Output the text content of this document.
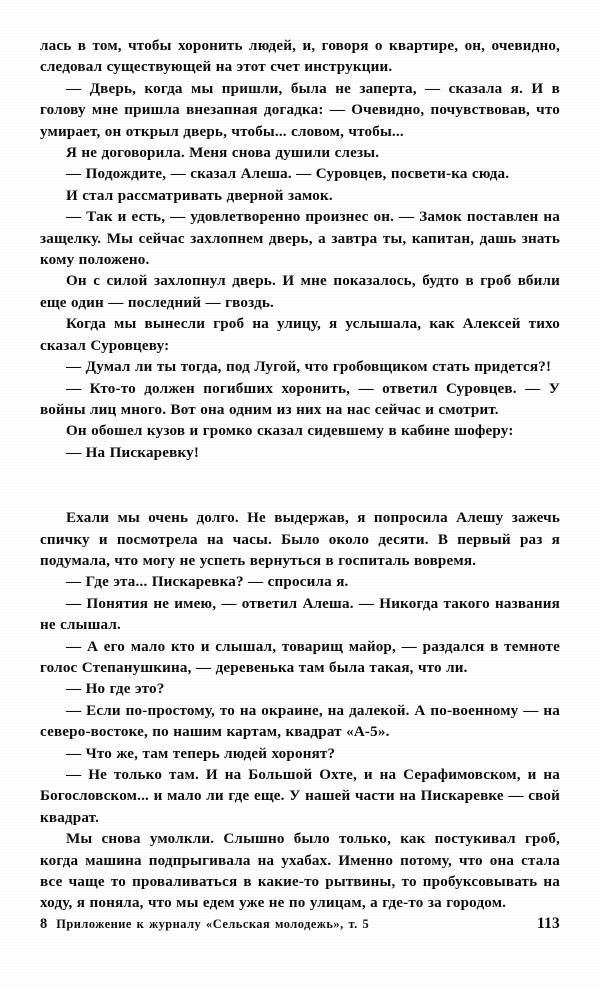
лась в том, чтобы хоронить людей, и, говоря о квартире, он, очевидно, следовал существующей на этот счет инструкции.

— Дверь, когда мы пришли, была не заперта, — сказала я. И в голову мне пришла внезапная догадка: — Очевидно, почувствовав, что умирает, он открыл дверь, чтобы... словом, чтобы...

Я не договорила. Меня снова душили слезы.

— Подождите, — сказал Алеша. — Суровцев, посвети-ка сюда.

И стал рассматривать дверной замок.

— Так и есть, — удовлетворенно произнес он. — Замок поставлен на защелку. Мы сейчас захлопнем дверь, а завтра ты, капитан, дашь знать кому положено.

Он с силой захлопнул дверь. И мне показалось, будто в гроб вбили еще один — последний — гвоздь.

Когда мы вынесли гроб на улицу, я услышала, как Алексей тихо сказал Суровцеву:

— Думал ли ты тогда, под Лугой, что гробовщиком стать придется?!

— Кто-то должен погибших хоронить, — ответил Суровцев. — У войны лиц много. Вот она одним из них на нас сейчас и смотрит.

Он обошел кузов и громко сказал сидевшему в кабине шоферу:

— На Пискаревку!

Ехали мы очень долго. Не выдержав, я попросила Алешу зажечь спичку и посмотрела на часы. Было около десяти. В первый раз я подумала, что могу не успеть вернуться в госпиталь вовремя.

— Где эта... Пискаревка? — спросила я.

— Понятия не имею, — ответил Алеша. — Никогда такого названия не слышал.

— А его мало кто и слышал, товарищ майор, — раздался в темноте голос Степанушкина, — деревенька там была такая, что ли.

— Но где это?

— Если по-простому, то на окраине, на далекой. А по-военному — на северо-востоке, по нашим картам, квадрат «А-5».

— Что же, там теперь людей хоронят?

— Не только там. И на Большой Охте, и на Серафимовском, и на Богословском... и мало ли где еще. У нашей части на Пискаревке — свой квадрат.

Мы снова умолкли. Слышно было только, как постукивал гроб, когда машина подпрыгивала на ухабах. Именно потому, что она стала все чаще то проваливаться в какие-то рытвины, то пробуксовывать на ходу, я поняла, что мы едем уже не по улицам, а где-то за городом.

8 Приложение к журналу «Сельская молодежь», т. 5	113
